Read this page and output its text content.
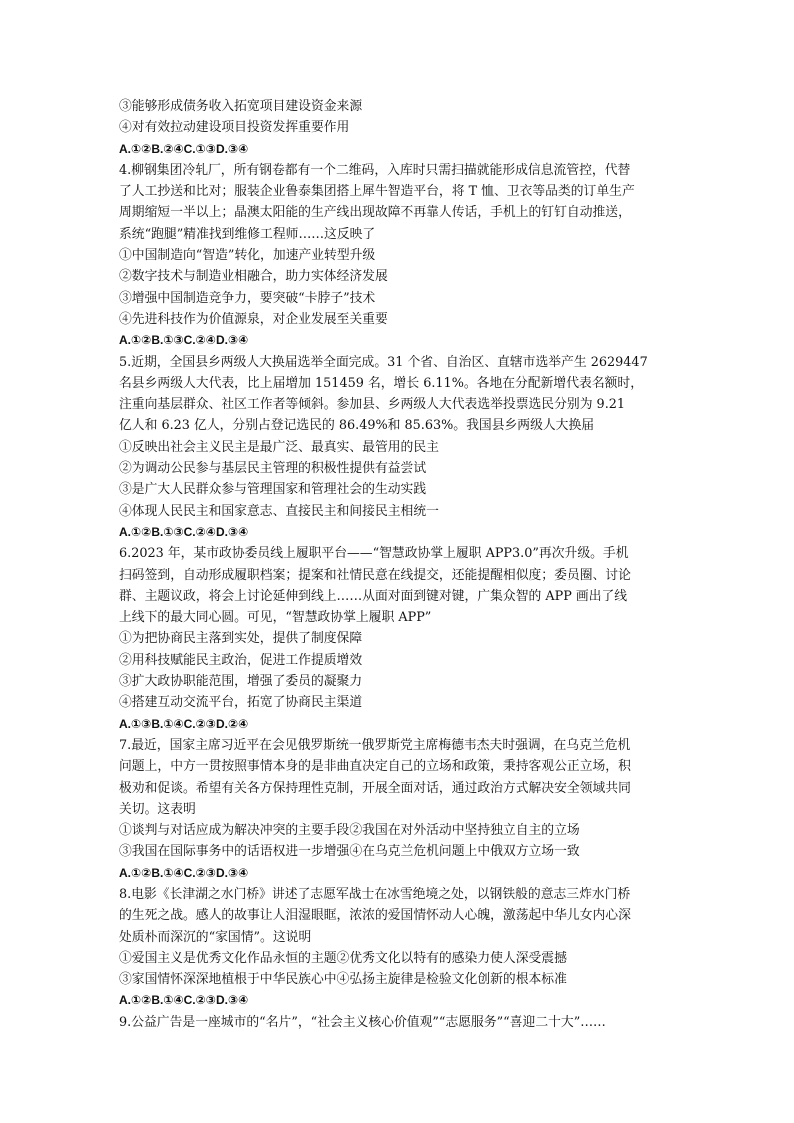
③能够形成债务收入拓宽项目建设资金来源
④对有效拉动建设项目投资发挥重要作用
A.①②B.②④C.①③D.③④
4.柳钢集团冷轧厂，所有钢卷都有一个二维码，入库时只需扫描就能形成信息流管控，代替
了人工抄送和比对；服装企业鲁泰集团搭上犀牛智造平台，将 T 恤、卫衣等品类的订单生产
周期缩短一半以上；晶澳太阳能的生产线出现故障不再靠人传话，手机上的钉钉自动推送，
系统“跑腿”精准找到维修工程师……这反映了
①中国制造向“智造”转化，加速产业转型升级
②数字技术与制造业相融合，助力实体经济发展
③增强中国制造竞争力，要突破“卡脖子”技术
④先进科技作为价值源泉，对企业发展至关重要
A.①②B.①③C.②④D.③④
5.近期，全国县乡两级人大换届选举全面完成。31 个省、自治区、直辖市选举产生 2629447
名县乡两级人大代表，比上届增加 151459 名，增长 6.11%。各地在分配新增代表名额时，
注重向基层群众、社区工作者等倾斜。参加县、乡两级人大代表选举投票选民分别为 9.21
亿人和 6.23 亿人，分别占登记选民的 86.49%和 85.63%。我国县乡两级人大换届
①反映出社会主义民主是最广泛、最真实、最管用的民主
②为调动公民参与基层民主管理的积极性提供有益尝试
③是广大人民群众参与管理国家和管理社会的生动实践
④体现人民民主和国家意志、直接民主和间接民主相统一
A.①②B.①③C.②④D.③④
6.2023 年，某市政协委员线上履职平台——“智慧政协掌上履职 APP3.0”再次升级。手机
扫码签到，自动形成履职档案；提案和社情民意在线提交，还能提醒相似度；委员圈、讨论
群、主题议政，将会上讨论延伸到线上……从面对面到键对键，广集众智的 APP 画出了线
上线下的最大同心圆。可见，“智慧政协掌上履职 APP”
①为把协商民主落到实处，提供了制度保障
②用科技赋能民主政治，促进工作提质增效
③扩大政协职能范围，增强了委员的凝聚力
④搭建互动交流平台，拓宽了协商民主渠道
A.①③B.①④C.②③D.②④
7.最近，国家主席习近平在会见俄罗斯统一俄罗斯党主席梅德韦杰夫时强调，在乌克兰危机
问题上，中方一贯按照事情本身的是非曲直决定自己的立场和政策，秉持客观公正立场，积
极劝和促谈。希望有关各方保持理性克制，开展全面对话，通过政治方式解决安全领域共同
关切。这表明
①谈判与对话应成为解决冲突的主要手段②我国在对外活动中坚持独立自主的立场
③我国在国际事务中的话语权进一步增强④在乌克兰危机问题上中俄双方立场一致
A.①②B.①④C.②③D.③④
8.电影《长津湖之水门桥》讲述了志愿军战士在冰雪绝境之处，以钢铁般的意志三炸水门桥
的生死之战。感人的故事让人泪湿眼眶，浓浓的爱国情怀动人心魄，激荡起中华儿女内心深
处质朴而深沉的“家国情”。这说明
①爱国主义是优秀文化作品永恒的主题②优秀文化以特有的感染力使人深受震撼
③家国情怀深深地植根于中华民族心中④弘扬主旋律是检验文化创新的根本标准
A.①②B.①④C.②③D.③④
9.公益广告是一座城市的“名片”，“社会主义核心价值观”“志愿服务”“喜迎二十大”……
